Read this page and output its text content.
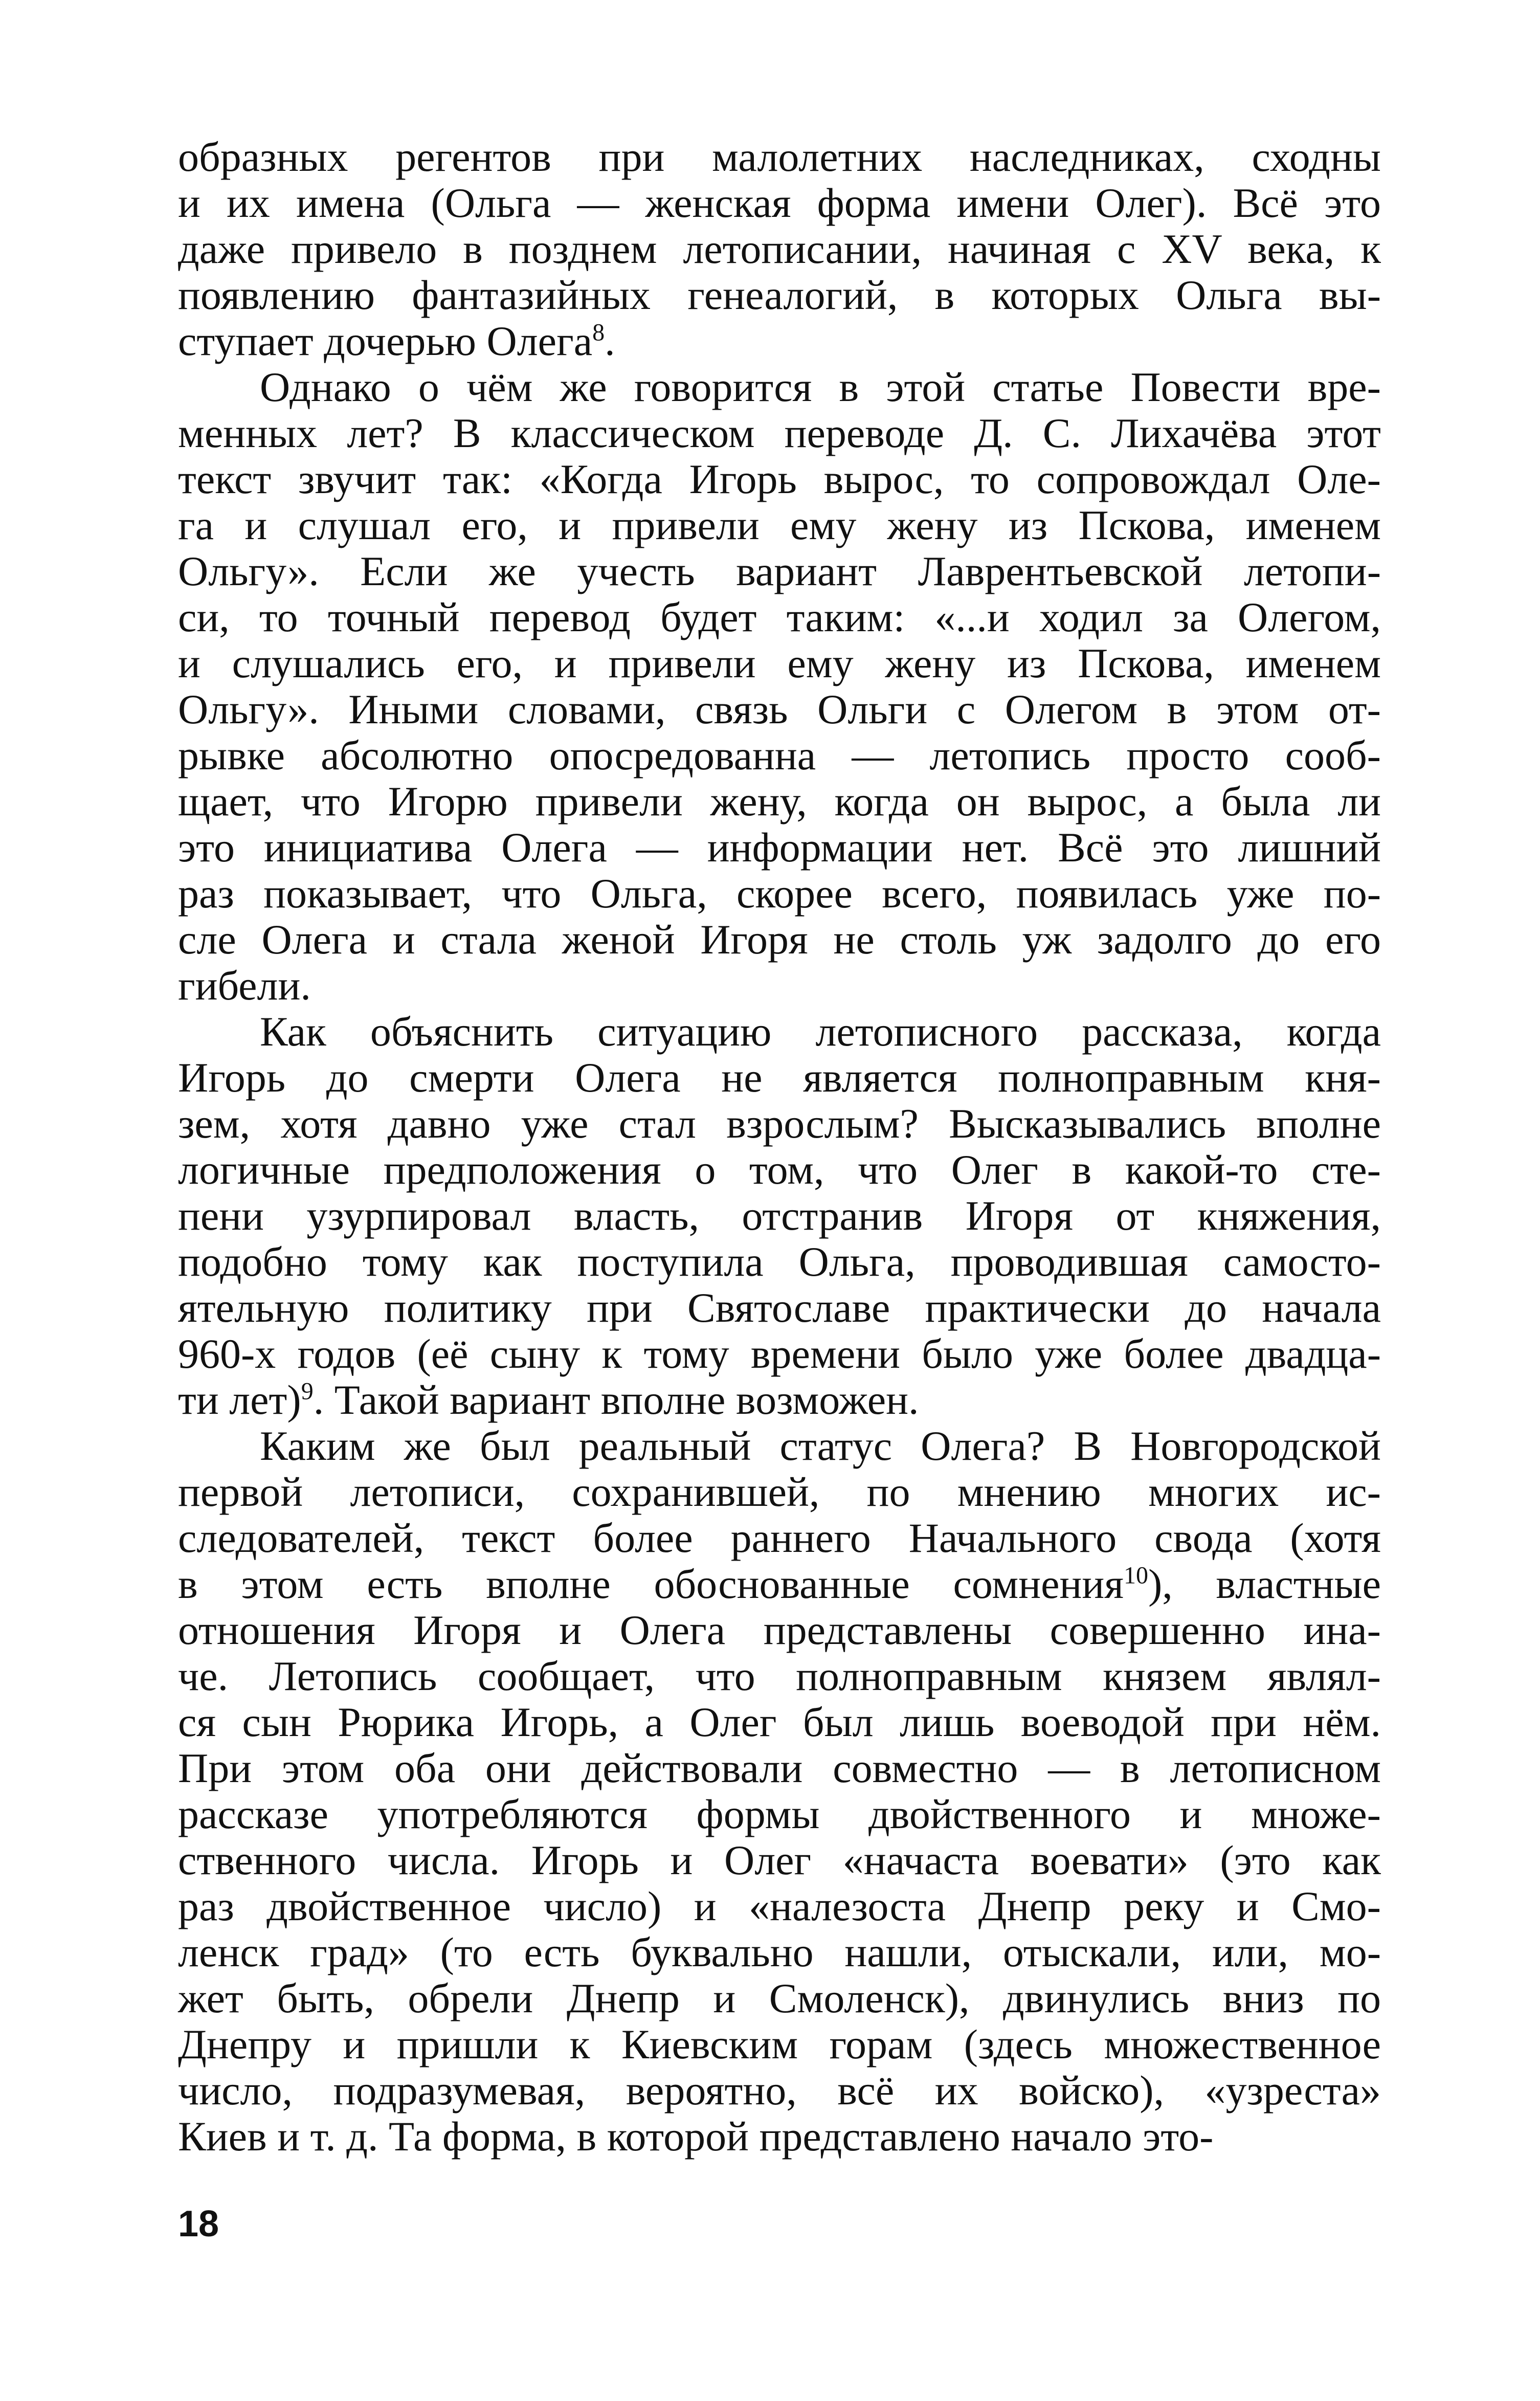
образных регентов при малолетних наследниках, сходны
и их имена (Ольга — женская форма имени Олег). Всё это
даже привело в позднем летописании, начиная с XV века, к
появлению фантазийных генеалогий, в которых Ольга вы-
ступает дочерью Олега$^8$.
Однако о чём же говорится в этой статье Повести вре-
менных лет? В классическом переводе Д. С. Лихачёва этот
текст звучит так: «Когда Игорь вырос, то сопровождал Оле-
га и слушал его, и привели ему жену из Пскова, именем
Ольгу». Если же учесть вариант Лаврентьевской летопи-
си, то точный перевод будет таким: «...и ходил за Олегом,
и слушались его, и привели ему жену из Пскова, именем
Ольгу». Иными словами, связь Ольги с Олегом в этом от-
рывке абсолютно опосредованна — летопись просто сооб-
щает, что Игорю привели жену, когда он вырос, а была ли
это инициатива Олега — информации нет. Всё это лишний
раз показывает, что Ольга, скорее всего, появилась уже по-
сле Олега и стала женой Игоря не столь уж задолго до его
гибели.
Как объяснить ситуацию летописного рассказа, когда
Игорь до смерти Олега не является полноправным кня-
зем, хотя давно уже стал взрослым? Высказывались вполне
логичные предположения о том, что Олег в какой-то сте-
пени узурпировал власть, отстранив Игоря от княжения,
подобно тому как поступила Ольга, проводившая самосто-
ятельную политику при Святославе практически до начала
960-х годов (её сыну к тому времени было уже более двадца-
ти лет)$^9$. Такой вариант вполне возможен.
Каким же был реальный статус Олега? В Новгородской
первой летописи, сохранившей, по мнению многих ис-
следователей, текст более раннего Начального свода (хотя
в этом есть вполне обоснованные сомнения$^{10}$), властные
отношения Игоря и Олега представлены совершенно ина-
че. Летопись сообщает, что полноправным князем являл-
ся сын Рюрика Игорь, а Олег был лишь воеводой при нём.
При этом оба они действовали совместно — в летописном
рассказе употребляются формы двойственного и множе-
ственного числа. Игорь и Олег «начаста воевати» (это как
раз двойственное число) и «налезоста Днепр реку и Смо-
ленск град» (то есть буквально нашли, отыскали, или, мо-
жет быть, обрели Днепр и Смоленск), двинулись вниз по
Днепру и пришли к Киевским горам (здесь множественное
число, подразумевая, вероятно, всё их войско), «узреста»
Киев и т. д. Та форма, в которой представлено начало это-
18
